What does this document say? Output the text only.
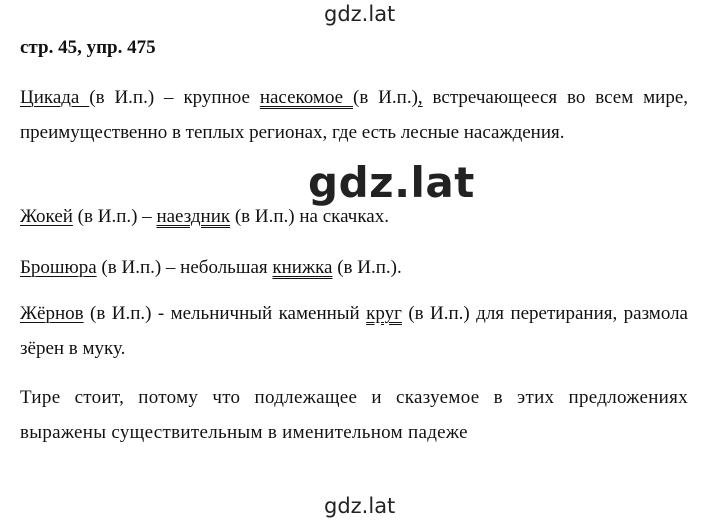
gdz.lat
стр. 45, упр. 475
Цикада (в И.п.) – крупное насекомое (в И.п.), встречающееся во всем мире, преимущественно в теплых регионах, где есть лесные насаждения.
gdz.lat
Жокей (в И.п.) – наездник (в И.п.) на скачках.
Брошюра (в И.п.) – небольшая книжка (в И.п.).
Жёрнов (в И.п.) - мельничный каменный круг (в И.п.) для перетирания, размола зёрен в муку.
Тире стоит, потому что подлежащее и сказуемое в этих предложениях выражены существительным в именительном падеже
gdz.lat
